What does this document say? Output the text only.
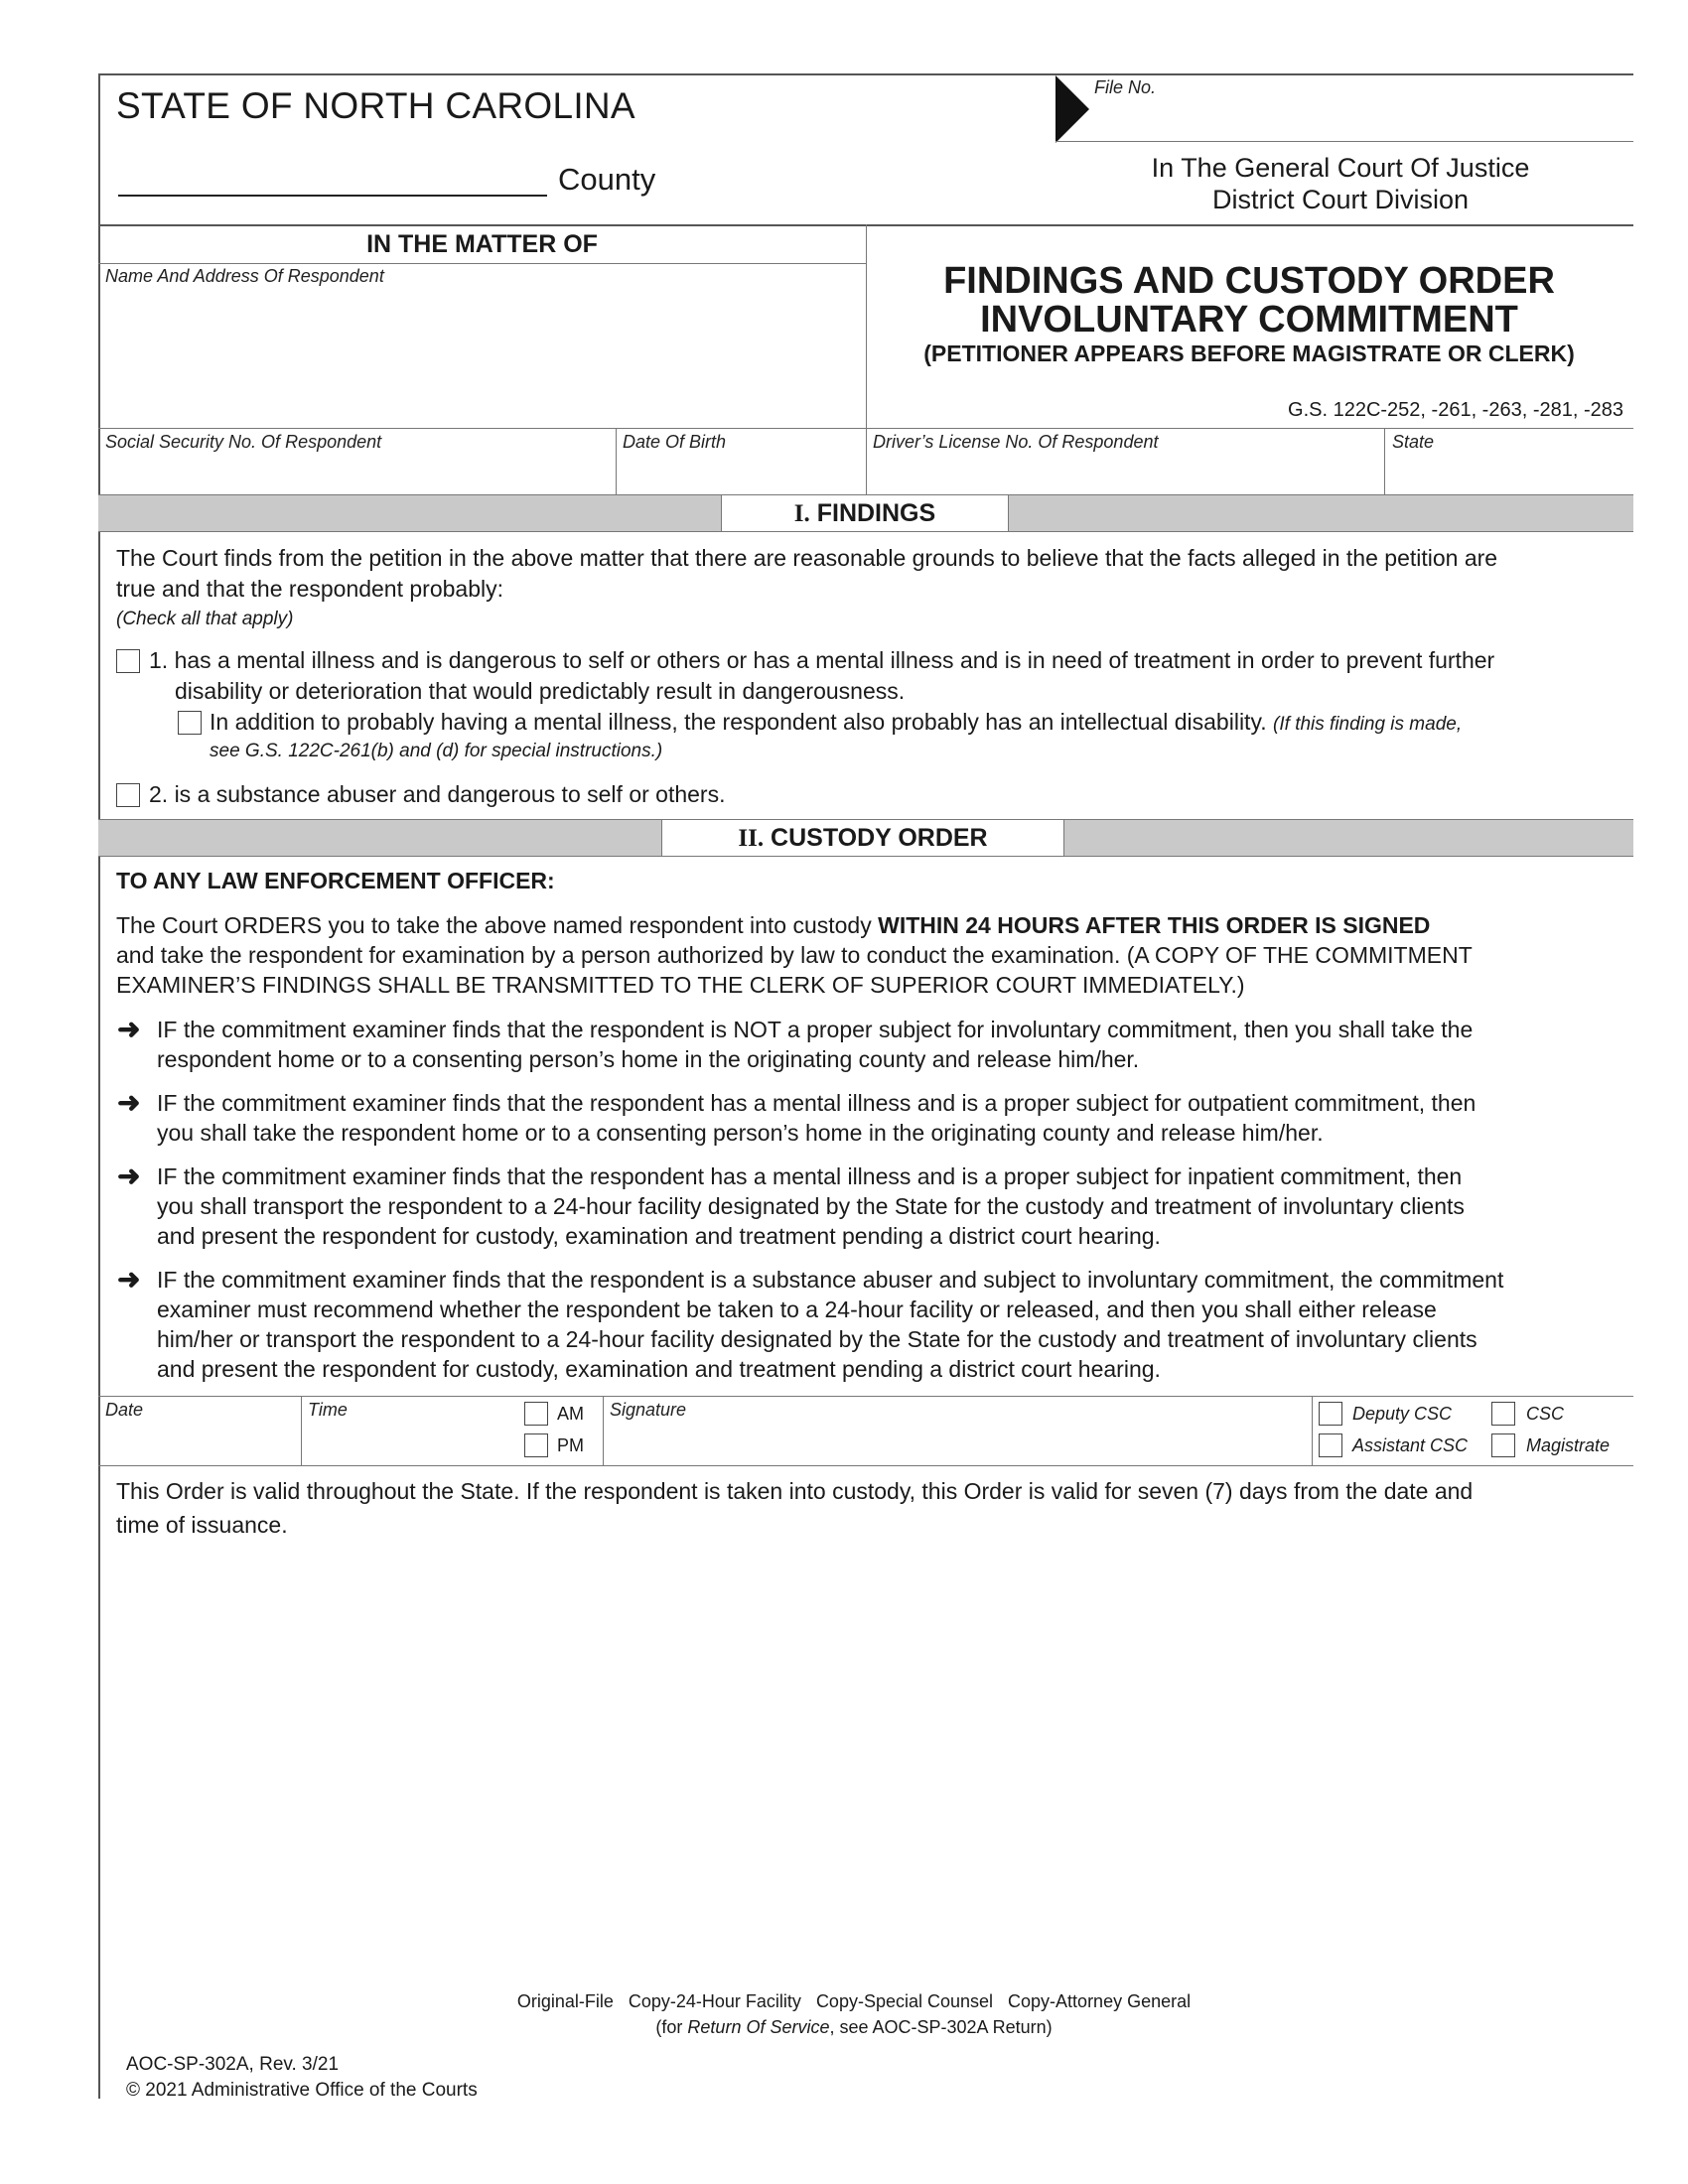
STATE OF NORTH CAROLINA
County
File No.
In The General Court Of Justice
District Court Division
IN THE MATTER OF
Name And Address Of Respondent	FINDINGS AND CUSTODY ORDER
INVOLUNTARY COMMITMENT
(PETITIONER APPEARS BEFORE MAGISTRATE OR CLERK)
G.S. 122C-252, -261, -263, -281, -283
Social Security No. Of Respondent	Date Of Birth	Driver’s License No. Of Respondent	State
I. FINDINGS
The Court finds from the petition in the above matter that there are reasonable grounds to believe that the facts alleged in the petition are
true and that the respondent probably:
(Check all that apply)
1. has a mental illness and is dangerous to self or others or has a mental illness and is in need of treatment in order to prevent further
disability or deterioration that would predictably result in dangerousness.
In addition to probably having a mental illness, the respondent also probably has an intellectual disability. (If this finding is made,
see G.S. 122C-261(b) and (d) for special instructions.)
2. is a substance abuser and dangerous to self or others.
II. CUSTODY ORDER
TO ANY LAW ENFORCEMENT OFFICER:
The Court ORDERS you to take the above named respondent into custody WITHIN 24 HOURS AFTER THIS ORDER IS SIGNED
and take the respondent for examination by a person authorized by law to conduct the examination. (A COPY OF THE COMMITMENT
EXAMINER’S FINDINGS SHALL BE TRANSMITTED TO THE CLERK OF SUPERIOR COURT IMMEDIATELY.)
➜ IF the commitment examiner finds that the respondent is NOT a proper subject for involuntary commitment, then you shall take the
respondent home or to a consenting person’s home in the originating county and release him/her.
➜ IF the commitment examiner finds that the respondent has a mental illness and is a proper subject for outpatient commitment, then
you shall take the respondent home or to a consenting person’s home in the originating county and release him/her.
➜ IF the commitment examiner finds that the respondent has a mental illness and is a proper subject for inpatient commitment, then
you shall transport the respondent to a 24-hour facility designated by the State for the custody and treatment of involuntary clients
and present the respondent for custody, examination and treatment pending a district court hearing.
➜ IF the commitment examiner finds that the respondent is a substance abuser and subject to involuntary commitment, the commitment
examiner must recommend whether the respondent be taken to a 24-hour facility or released, and then you shall either release
him/her or transport the respondent to a 24-hour facility designated by the State for the custody and treatment of involuntary clients
and present the respondent for custody, examination and treatment pending a district court hearing.
Date	Time	AM
PM
Signature	Deputy CSC	CSC
Assistant CSC	Magistrate
This Order is valid throughout the State. If the respondent is taken into custody, this Order is valid for seven (7) days from the date and
time of issuance.
Original-File   Copy-24-Hour Facility   Copy-Special Counsel   Copy-Attorney General
(for Return Of Service, see AOC-SP-302A Return)
AOC-SP-302A, Rev. 3/21
© 2021 Administrative Office of the Courts
